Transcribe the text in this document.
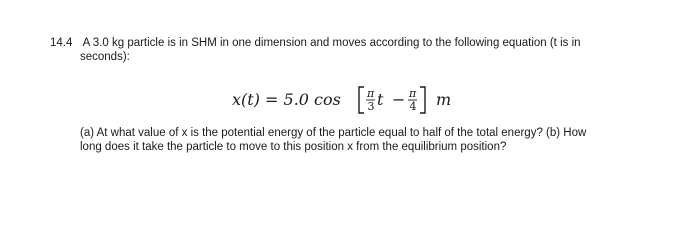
14.4 A 3.0 kg particle is in SHM in one dimension and moves according to the following equation (t is in
seconds):
x(t) = 5.0 cos π
3 t − π
4 m
(a) At what value of x is the potential energy of the particle equal to half of the total energy? (b) How
long does it take the particle to move to this position x from the equilibrium position?
